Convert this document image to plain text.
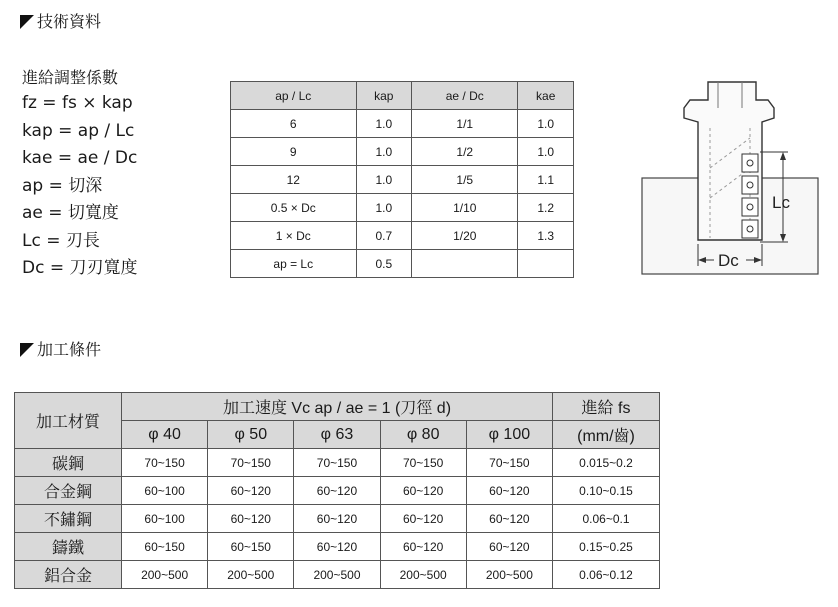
技術資料
進給調整係數
fz = fs × kap
kap = ap / Lc
kae = ae / Dc
ap = 切深
ae = 切寬度
Lc = 刃長
Dc = 刀刃寬度
ap / Lc	kap	ae / Dc	kae
6	1.0	1/1	1.0
9	1.0	1/2	1.0
12	1.0	1/5	1.1
0.5 × Dc	1.0	1/10	1.2
1 × Dc	0.7	1/20	1.3
ap = Lc	0.5		
Lc
Dc
加工條件
加工材質	加工速度 Vc ap / ae = 1 (刀徑 d)					進給 fs
	φ 40	φ 50	φ 63	φ 80	φ 100	(mm/齒)
碳鋼	70~150	70~150	70~150	70~150	70~150	0.015~0.2
合金鋼	60~100	60~120	60~120	60~120	60~120	0.10~0.15
不鏽鋼	60~100	60~120	60~120	60~120	60~120	0.06~0.1
鑄鐵	60~150	60~150	60~120	60~120	60~120	0.15~0.25
鋁合金	200~500	200~500	200~500	200~500	200~500	0.06~0.12
